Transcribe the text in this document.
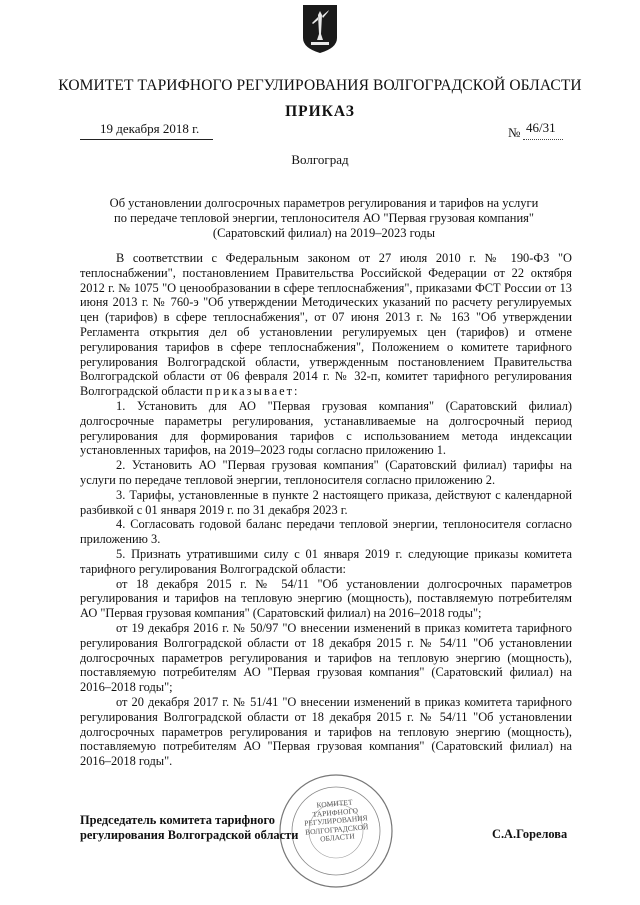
КОМИТЕТ ТАРИФНОГО РЕГУЛИРОВАНИЯ ВОЛГОГРАДСКОЙ ОБЛАСТИ
ПРИКАЗ
19 декабря 2018 г.	№ 46/31
Волгоград
Об установлении долгосрочных параметров регулирования и тарифов на услуги
по передаче тепловой энергии, теплоносителя АО "Первая грузовая компания"
(Саратовский филиал) на 2019–2023 годы

В соответствии с Федеральным законом от 27 июля 2010 г. № 190-ФЗ "О теплоснабжении", постановлением Правительства Российской Федерации от 22 октября 2012 г. № 1075 "О ценообразовании в сфере теплоснабжения", приказами ФСТ России от 13 июня 2013 г. № 760-э "Об утверждении Методических указаний по расчету регулируемых цен (тарифов) в сфере теплоснабжения", от 07 июня 2013 г. № 163 "Об утверждении Регламента открытия дел об установлении регулируемых цен (тарифов) и отмене регулирования тарифов в сфере теплоснабжения", Положением о комитете тарифного регулирования Волгоградской области, утвержденным постановлением Правительства Волгоградской области от 06 февраля 2014 г. № 32-п, комитет тарифного регулирования Волгоградской области приказывает:

1. Установить для АО "Первая грузовая компания" (Саратовский филиал) долгосрочные параметры регулирования, устанавливаемые на долгосрочный период регулирования для формирования тарифов с использованием метода индексации установленных тарифов, на 2019–2023 годы согласно приложению 1.

2. Установить АО "Первая грузовая компания" (Саратовский филиал) тарифы на услуги по передаче тепловой энергии, теплоносителя согласно приложению 2.

3. Тарифы, установленные в пункте 2 настоящего приказа, действуют с календарной разбивкой с 01 января 2019 г. по 31 декабря 2023 г.

4. Согласовать годовой баланс передачи тепловой энергии, теплоносителя согласно приложению 3.

5. Признать утратившими силу с 01 января 2019 г. следующие приказы комитета тарифного регулирования Волгоградской области:

от 18 декабря 2015 г. № 54/11 "Об установлении долгосрочных параметров регулирования и тарифов на тепловую энергию (мощность), поставляемую потребителям АО "Первая грузовая компания" (Саратовский филиал) на 2016–2018 годы";

от 19 декабря 2016 г. № 50/97 "О внесении изменений в приказ комитета тарифного регулирования Волгоградской области от 18 декабря 2015 г. № 54/11 "Об установлении долгосрочных параметров регулирования и тарифов на тепловую энергию (мощность), поставляемую потребителям АО "Первая грузовая компания" (Саратовский филиал) на 2016–2018 годы";

от 20 декабря 2017 г. № 51/41 "О внесении изменений в приказ комитета тарифного регулирования Волгоградской области от 18 декабря 2015 г. № 54/11 "Об установлении долгосрочных параметров регулирования и тарифов на тепловую энергию (мощность), поставляемую потребителям АО "Первая грузовая компания" (Саратовский филиал) на 2016–2018 годы".

КОМИТЕТ ТАРИФНОГО РЕГУЛИРОВАНИЯ ВОЛГОГРАДСКОЙ ОБЛАСТИ
Председатель комитета тарифного
регулирования Волгоградской области	С.А.Горелова
